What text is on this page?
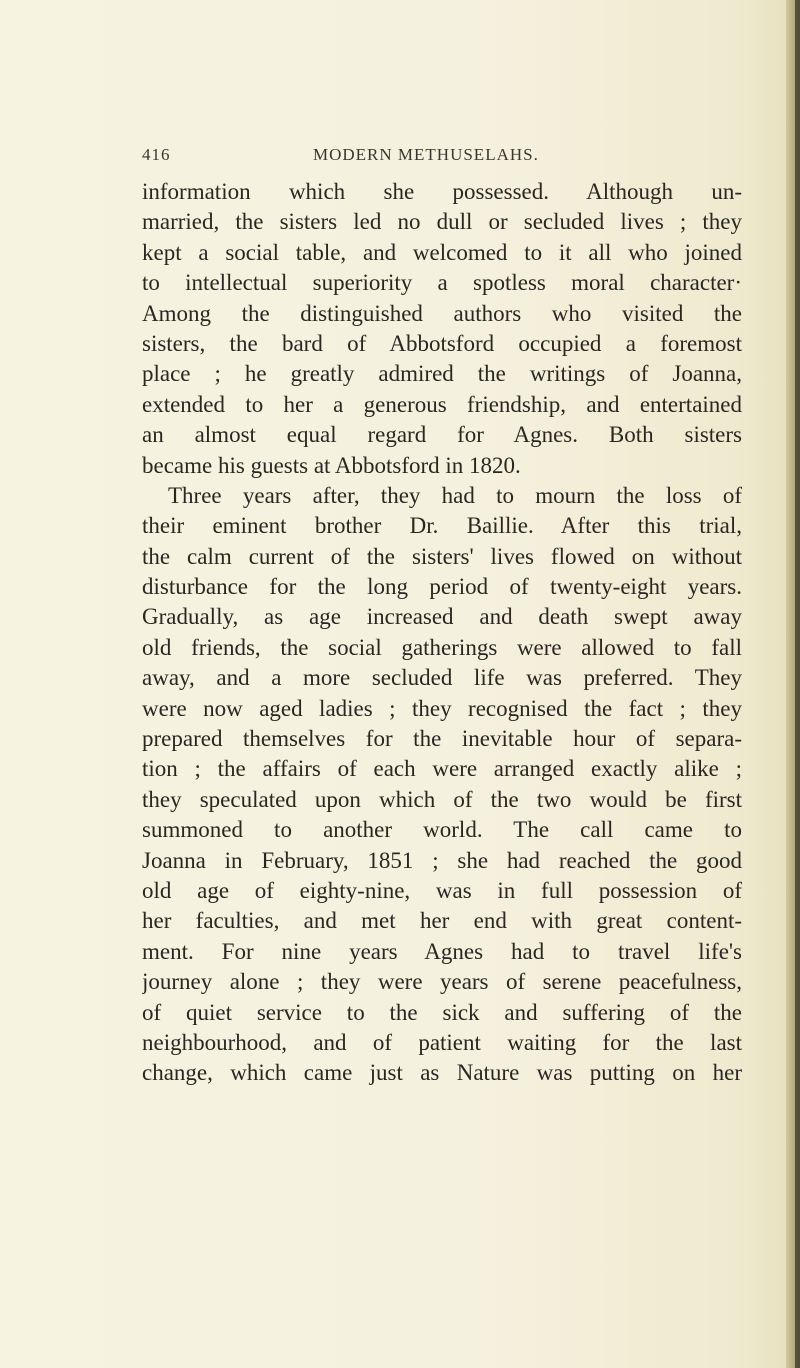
416	MODERN METHUSELAHS.
information which she possessed. Although un-
married, the sisters led no dull or secluded lives ; they
kept a social table, and welcomed to it all who joined
to intellectual superiority a spotless moral character·
Among the distinguished authors who visited the
sisters, the bard of Abbotsford occupied a foremost
place ; he greatly admired the writings of Joanna,
extended to her a generous friendship, and entertained
an almost equal regard for Agnes. Both sisters
became his guests at Abbotsford in 1820.
Three years after, they had to mourn the loss of
their eminent brother Dr. Baillie. After this trial,
the calm current of the sisters' lives flowed on without
disturbance for the long period of twenty-eight years.
Gradually, as age increased and death swept away
old friends, the social gatherings were allowed to fall
away, and a more secluded life was preferred. They
were now aged ladies ; they recognised the fact ; they
prepared themselves for the inevitable hour of separa-
tion ; the affairs of each were arranged exactly alike ;
they speculated upon which of the two would be first
summoned to another world. The call came to
Joanna in February, 1851 ; she had reached the good
old age of eighty-nine, was in full possession of
her faculties, and met her end with great content-
ment. For nine years Agnes had to travel life's
journey alone ; they were years of serene peacefulness,
of quiet service to the sick and suffering of the
neighbourhood, and of patient waiting for the last
change, which came just as Nature was putting on her
